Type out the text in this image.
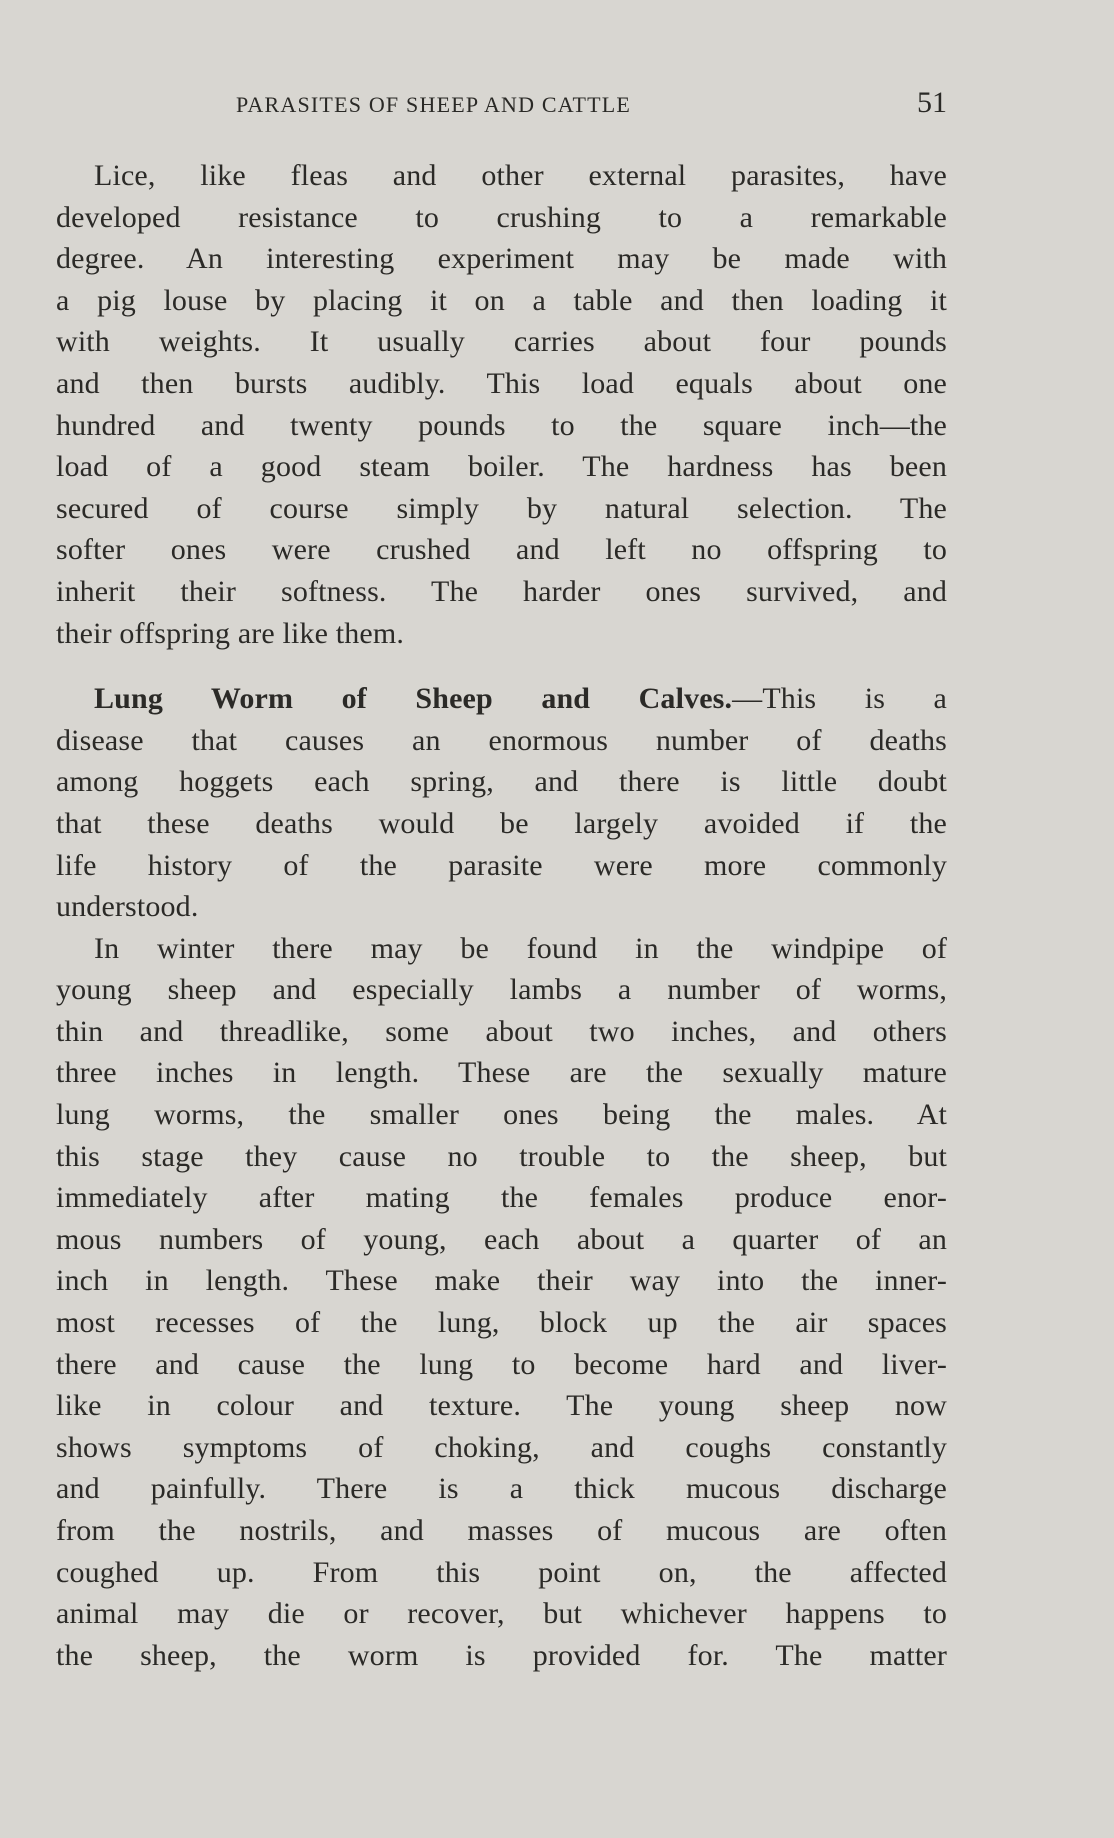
PARASITES OF SHEEP AND CATTLE	51
Lice, like fleas and other external parasites, have
developed resistance to crushing to a remarkable
degree. An interesting experiment may be made with
a pig louse by placing it on a table and then loading it
with weights. It usually carries about four pounds
and then bursts audibly. This load equals about one
hundred and twenty pounds to the square inch—the
load of a good steam boiler. The hardness has been
secured of course simply by natural selection. The
softer ones were crushed and left no offspring to
inherit their softness. The harder ones survived, and
their offspring are like them.
Lung Worm of Sheep and Calves.—This is a
disease that causes an enormous number of deaths
among hoggets each spring, and there is little doubt
that these deaths would be largely avoided if the
life history of the parasite were more commonly
understood.
In winter there may be found in the windpipe of
young sheep and especially lambs a number of worms,
thin and threadlike, some about two inches, and others
three inches in length. These are the sexually mature
lung worms, the smaller ones being the males. At
this stage they cause no trouble to the sheep, but
immediately after mating the females produce enor-
mous numbers of young, each about a quarter of an
inch in length. These make their way into the inner-
most recesses of the lung, block up the air spaces
there and cause the lung to become hard and liver-
like in colour and texture. The young sheep now
shows symptoms of choking, and coughs constantly
and painfully. There is a thick mucous discharge
from the nostrils, and masses of mucous are often
coughed up. From this point on, the affected
animal may die or recover, but whichever happens to
the sheep, the worm is provided for. The matter
